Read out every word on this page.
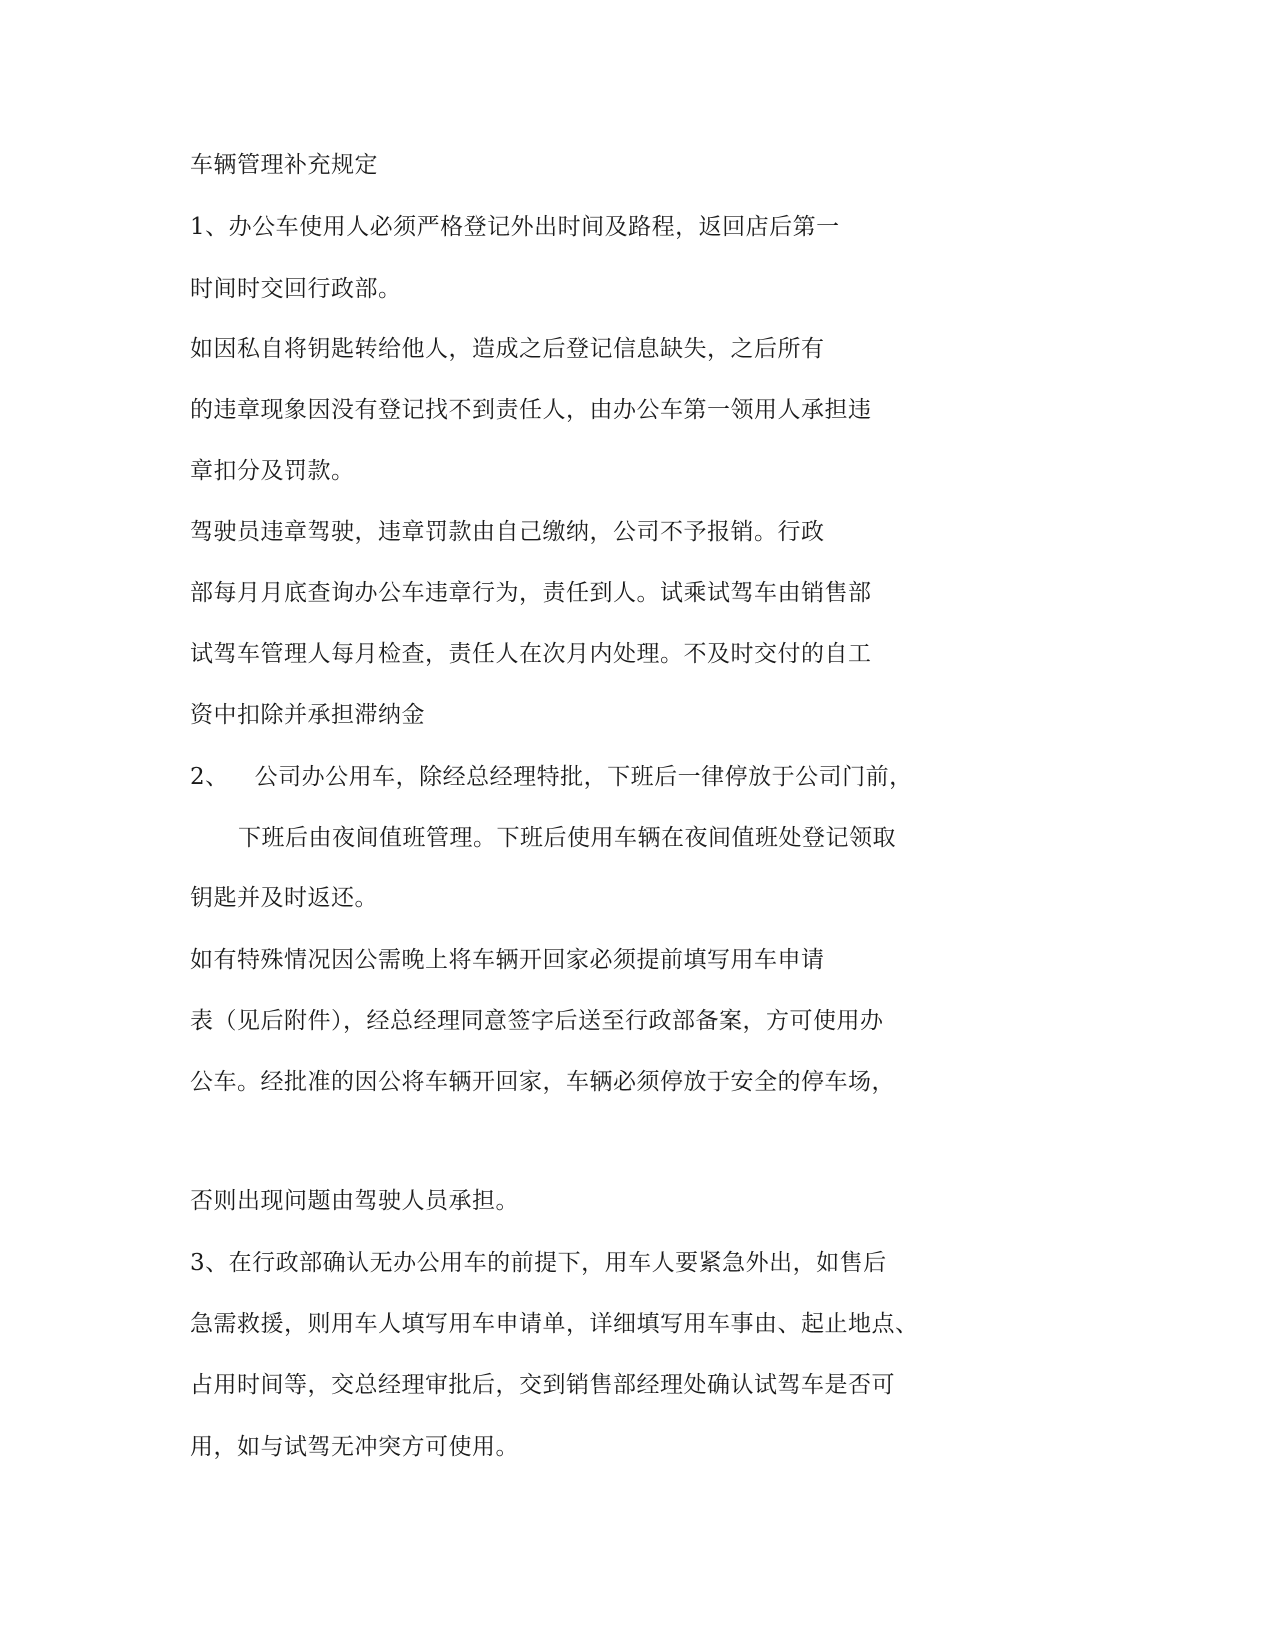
车辆管理补充规定
1、办公车使用人必须严格登记外出时间及路程，返回店后第一
时间时交回行政部。
如因私自将钥匙转给他人，造成之后登记信息缺失，之后所有
的违章现象因没有登记找不到责任人，由办公车第一领用人承担违
章扣分及罚款。
驾驶员违章驾驶，违章罚款由自己缴纳，公司不予报销。行政
部每月月底查询办公车违章行为，责任到人。试乘试驾车由销售部
试驾车管理人每月检查，责任人在次月内处理。不及时交付的自工
资中扣除并承担滞纳金
2、 公司办公用车，除经总经理特批，下班后一律停放于公司门前，
下班后由夜间值班管理。下班后使用车辆在夜间值班处登记领取
钥匙并及时返还。
如有特殊情况因公需晚上将车辆开回家必须提前填写用车申请
表（见后附件），经总经理同意签字后送至行政部备案，方可使用办
公车。经批准的因公将车辆开回家，车辆必须停放于安全的停车场，
否则出现问题由驾驶人员承担。
3、在行政部确认无办公用车的前提下，用车人要紧急外出，如售后
急需救援，则用车人填写用车申请单，详细填写用车事由、起止地点、
占用时间等，交总经理审批后，交到销售部经理处确认试驾车是否可
用，如与试驾无冲突方可使用。
